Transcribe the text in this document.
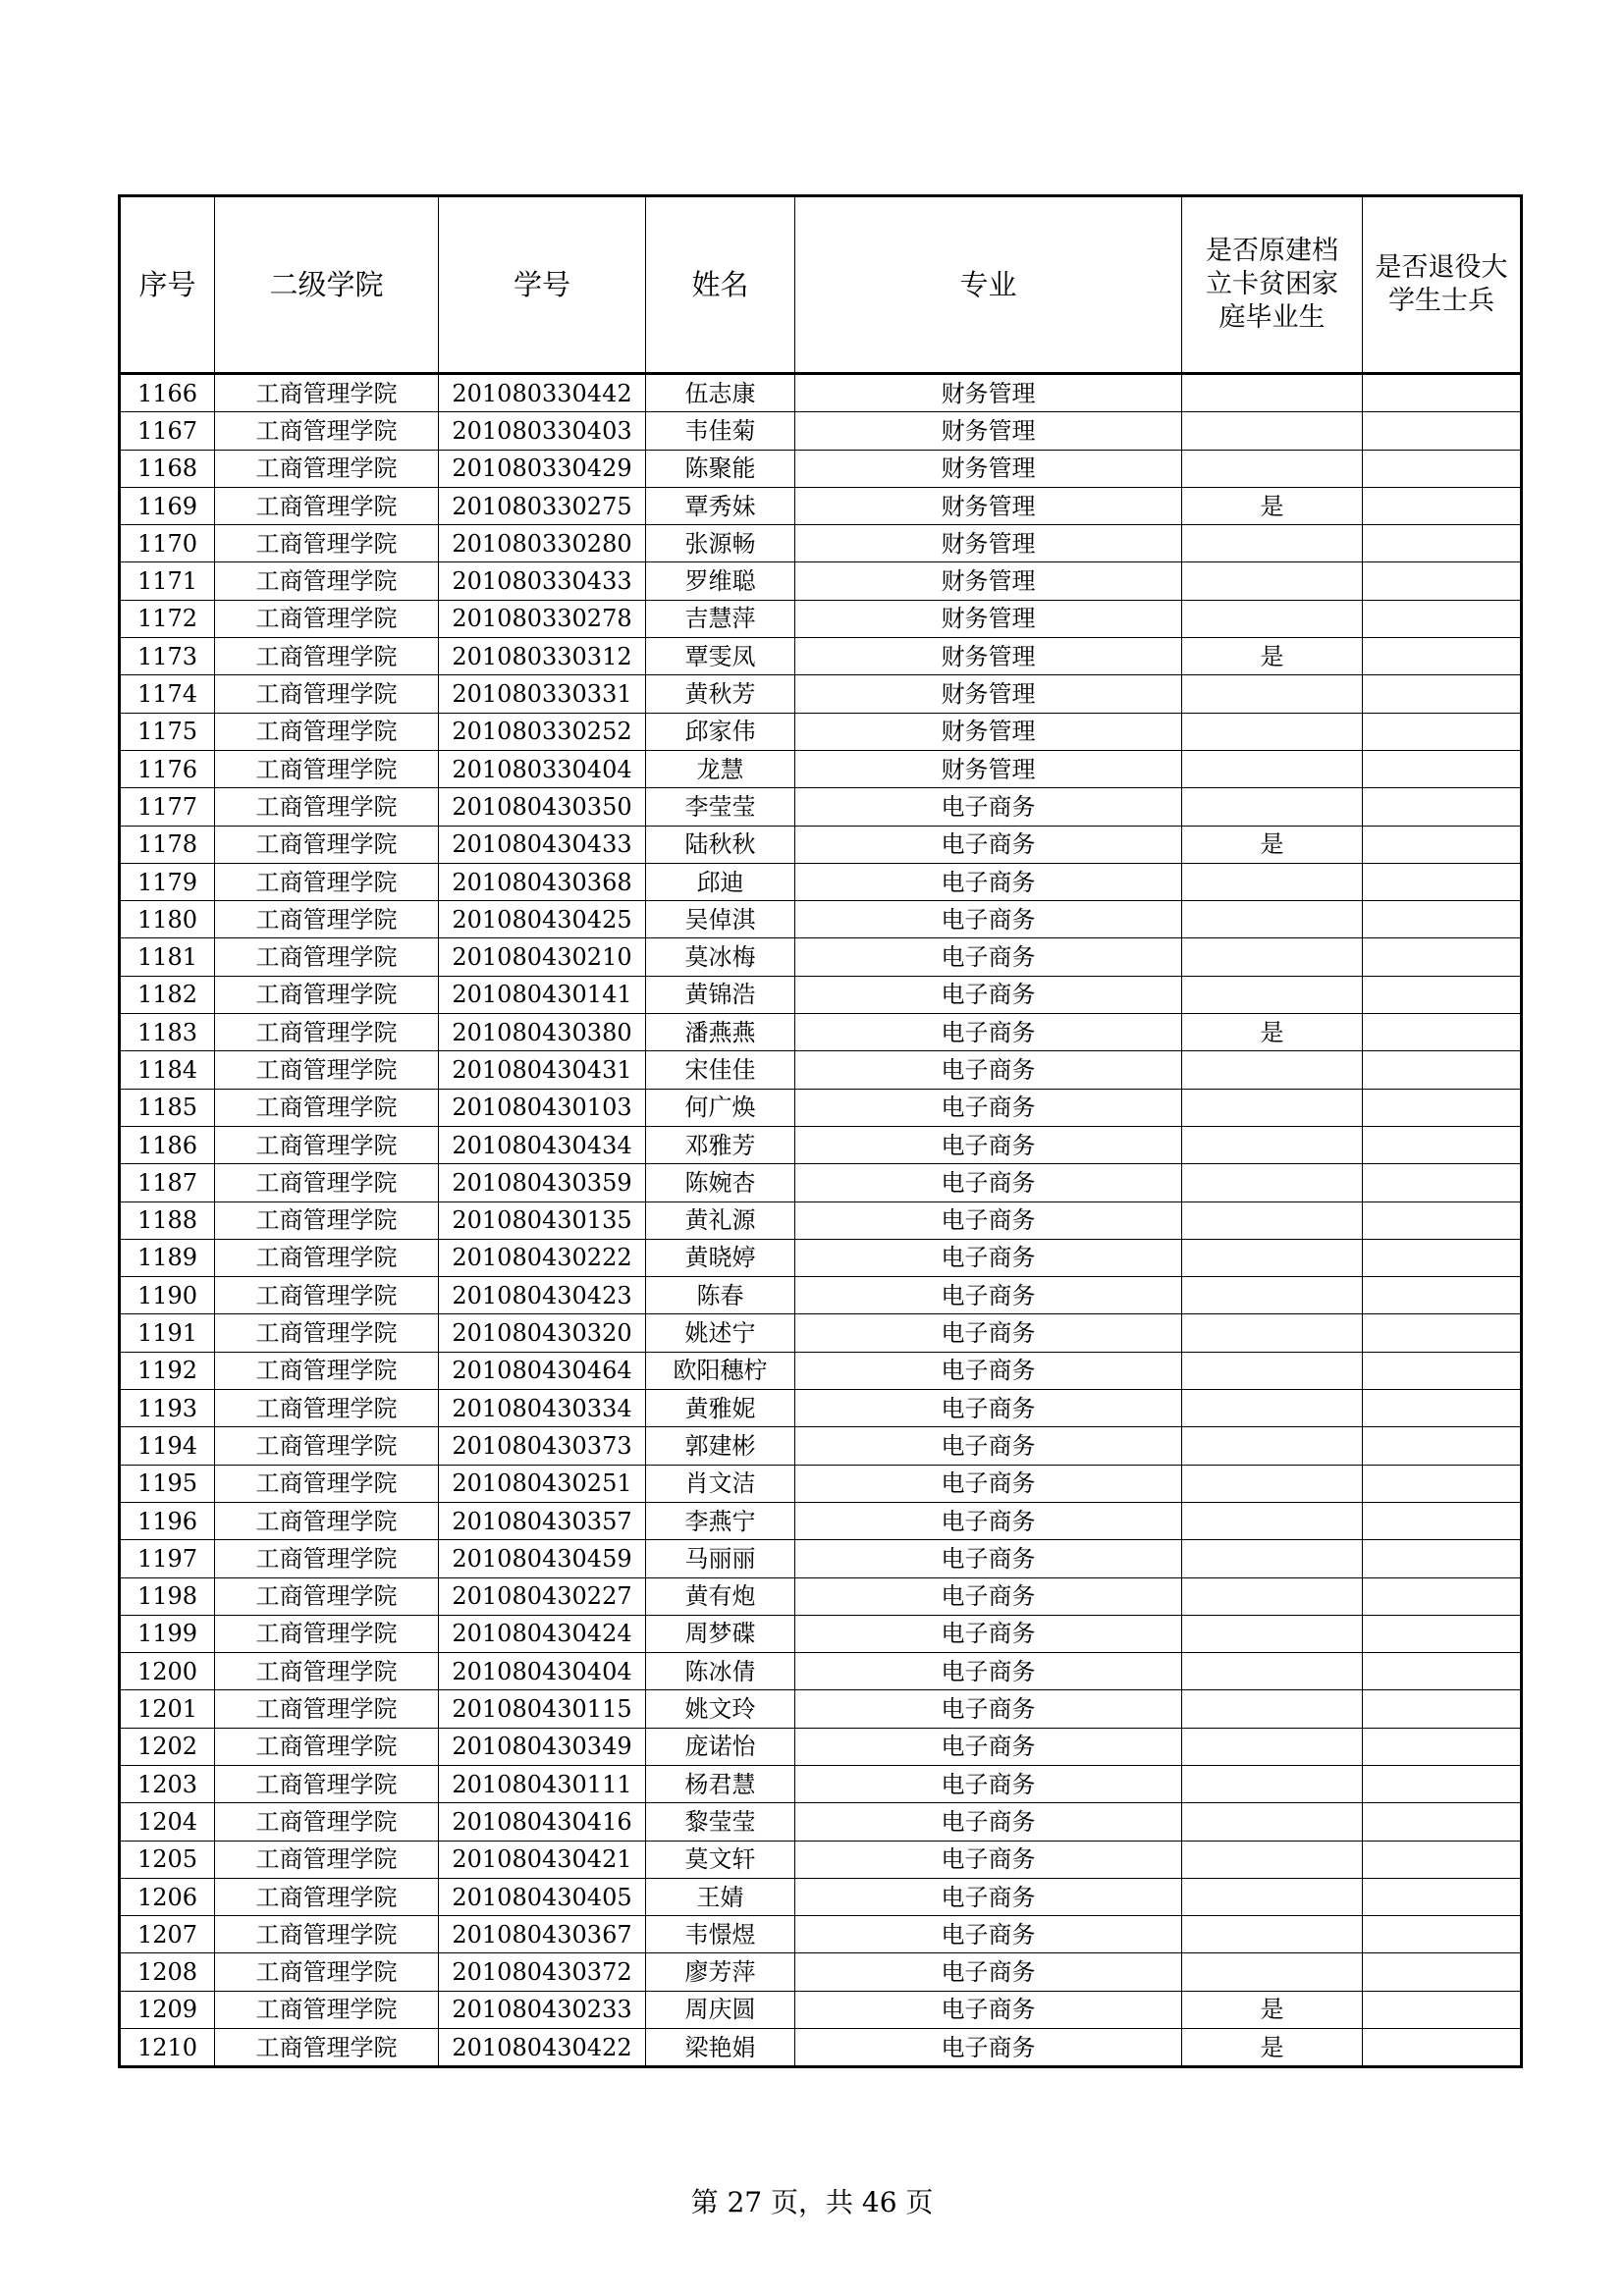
序号	二级学院	学号	姓名	专业	是否原建档立卡贫困家庭毕业生	是否退役大学生士兵
1166	工商管理学院	201080330442	伍志康	财务管理		
1167	工商管理学院	201080330403	韦佳菊	财务管理		
1168	工商管理学院	201080330429	陈聚能	财务管理		
1169	工商管理学院	201080330275	覃秀妹	财务管理	是	
1170	工商管理学院	201080330280	张源畅	财务管理		
1171	工商管理学院	201080330433	罗维聪	财务管理		
1172	工商管理学院	201080330278	吉慧萍	财务管理		
1173	工商管理学院	201080330312	覃雯凤	财务管理	是	
1174	工商管理学院	201080330331	黄秋芳	财务管理		
1175	工商管理学院	201080330252	邱家伟	财务管理		
1176	工商管理学院	201080330404	龙慧	财务管理		
1177	工商管理学院	201080430350	李莹莹	电子商务		
1178	工商管理学院	201080430433	陆秋秋	电子商务	是	
1179	工商管理学院	201080430368	邱迪	电子商务		
1180	工商管理学院	201080430425	吴倬淇	电子商务		
1181	工商管理学院	201080430210	莫冰梅	电子商务		
1182	工商管理学院	201080430141	黄锦浩	电子商务		
1183	工商管理学院	201080430380	潘燕燕	电子商务	是	
1184	工商管理学院	201080430431	宋佳佳	电子商务		
1185	工商管理学院	201080430103	何广焕	电子商务		
1186	工商管理学院	201080430434	邓雅芳	电子商务		
1187	工商管理学院	201080430359	陈婉杏	电子商务		
1188	工商管理学院	201080430135	黄礼源	电子商务		
1189	工商管理学院	201080430222	黄晓婷	电子商务		
1190	工商管理学院	201080430423	陈春	电子商务		
1191	工商管理学院	201080430320	姚述宁	电子商务		
1192	工商管理学院	201080430464	欧阳穗柠	电子商务		
1193	工商管理学院	201080430334	黄雅妮	电子商务		
1194	工商管理学院	201080430373	郭建彬	电子商务		
1195	工商管理学院	201080430251	肖文洁	电子商务		
1196	工商管理学院	201080430357	李燕宁	电子商务		
1197	工商管理学院	201080430459	马丽丽	电子商务		
1198	工商管理学院	201080430227	黄有炮	电子商务		
1199	工商管理学院	201080430424	周梦碟	电子商务		
1200	工商管理学院	201080430404	陈冰倩	电子商务		
1201	工商管理学院	201080430115	姚文玲	电子商务		
1202	工商管理学院	201080430349	庞诺怡	电子商务		
1203	工商管理学院	201080430111	杨君慧	电子商务		
1204	工商管理学院	201080430416	黎莹莹	电子商务		
1205	工商管理学院	201080430421	莫文轩	电子商务		
1206	工商管理学院	201080430405	王婧	电子商务		
1207	工商管理学院	201080430367	韦憬煜	电子商务		
1208	工商管理学院	201080430372	廖芳萍	电子商务		
1209	工商管理学院	201080430233	周庆圆	电子商务	是	
1210	工商管理学院	201080430422	梁艳娟	电子商务	是	
第 27 页，共 46 页
